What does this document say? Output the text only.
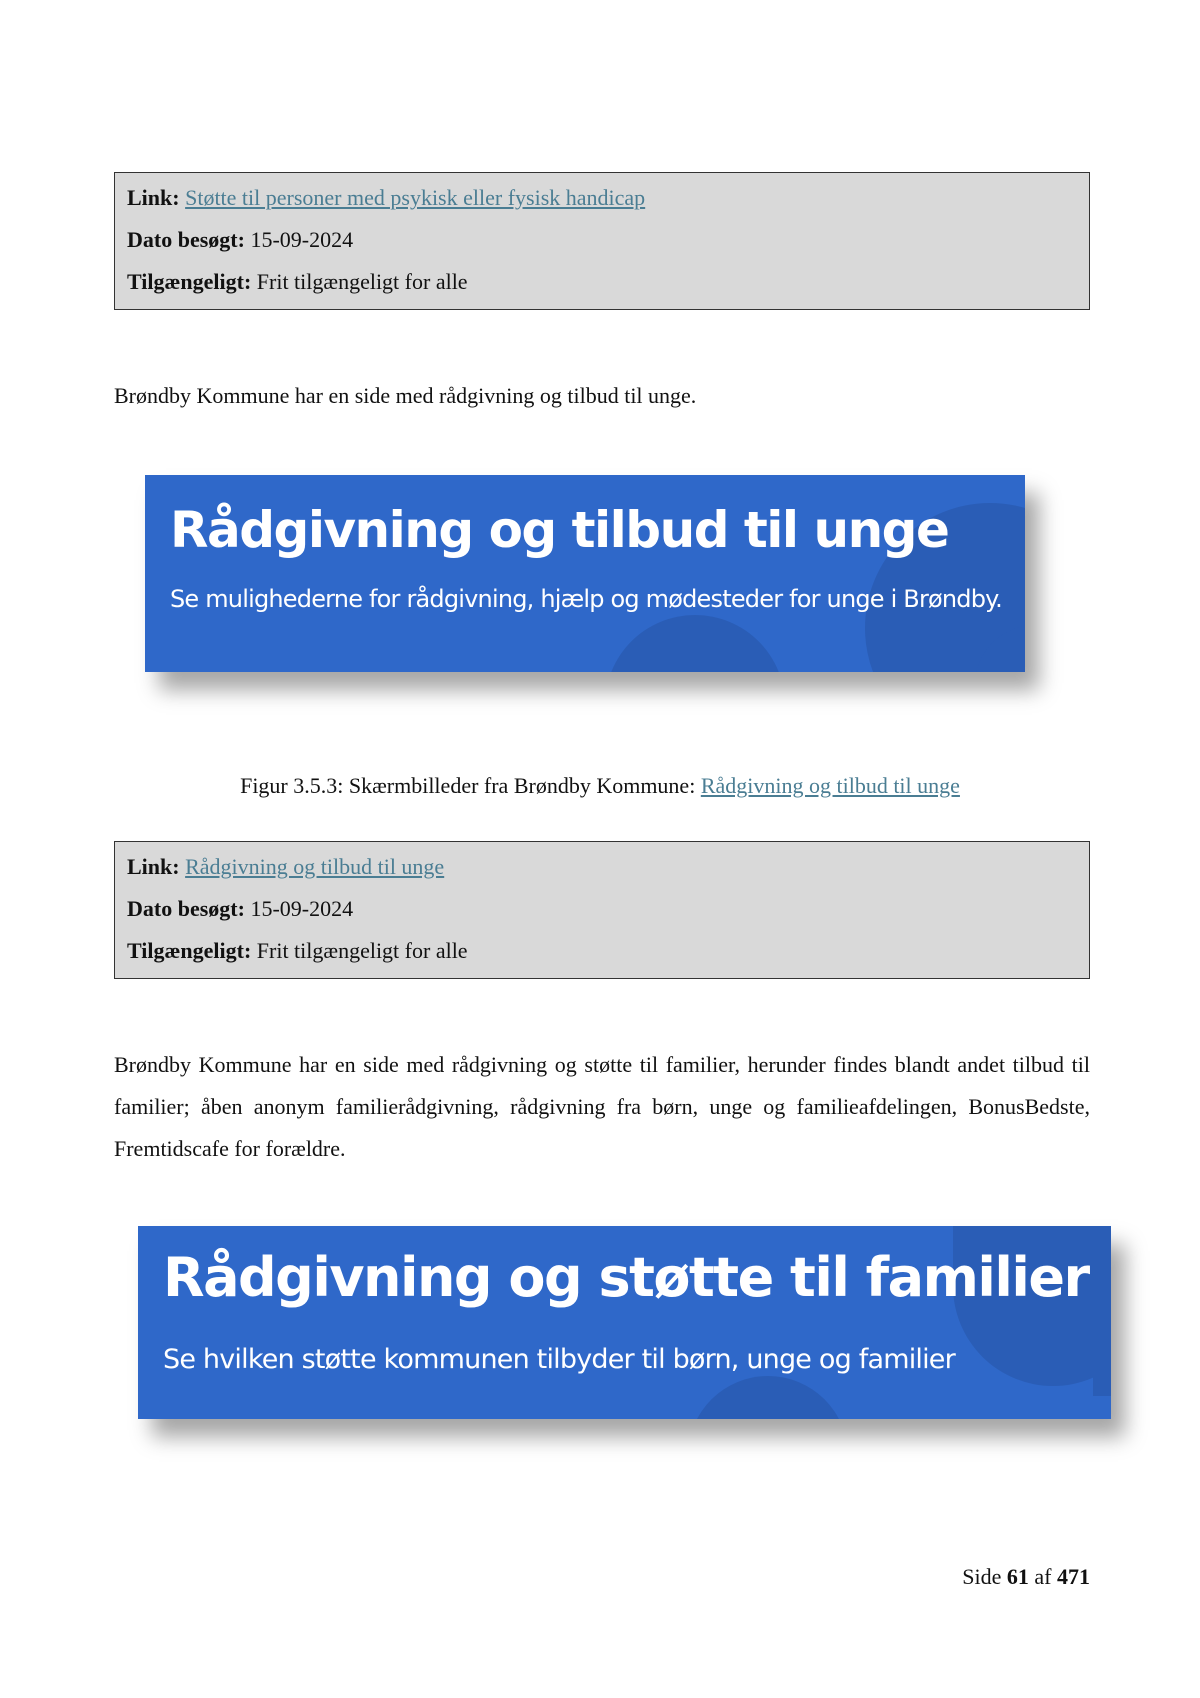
Link: Støtte til personer med psykisk eller fysisk handicap
Dato besøgt: 15-09-2024
Tilgængeligt: Frit tilgængeligt for alle
Brøndby Kommune har en side med rådgivning og tilbud til unge.
Rådgivning og tilbud til unge
Se mulighederne for rådgivning, hjælp og mødesteder for unge i Brøndby.
Figur 3.5.3: Skærmbilleder fra Brøndby Kommune: Rådgivning og tilbud til unge
Link: Rådgivning og tilbud til unge
Dato besøgt: 15-09-2024
Tilgængeligt: Frit tilgængeligt for alle
Brøndby Kommune har en side med rådgivning og støtte til familier, herunder findes blandt andet tilbud til familier; åben anonym familierådgivning, rådgivning fra børn, unge og familieafdelingen, BonusBedste, Fremtidscafe for forældre.
Rådgivning og støtte til familier
Se hvilken støtte kommunen tilbyder til børn, unge og familier
Side 61 af 471
